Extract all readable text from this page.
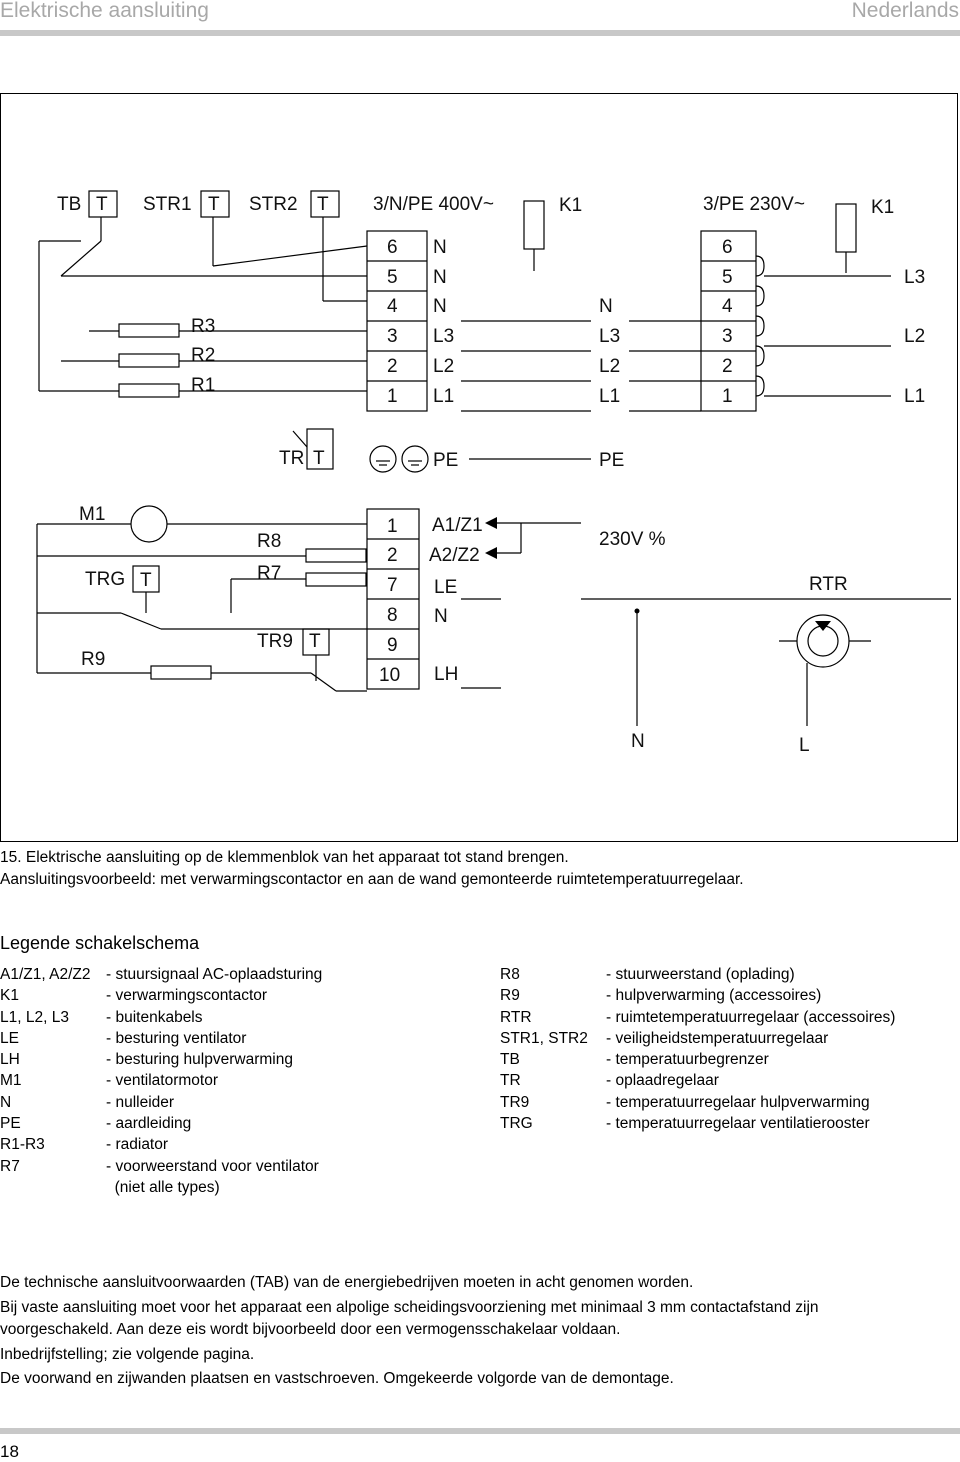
Elektrische aansluiting	Nederlands
TB T STR1 T STR2 T 3/N/PE 400V~	K1	3/PE 230V~	K1
6
5
4
3
2
1
N
N
N
L3
L2
L1
N
L3
L2
L1
6
5
4
3
2
1
L3
L2
L1
R3
R2
R1
TR T	PE	PE
M1
TRG T
R9
R8
R7
TR9 T
1
2
7
8
9
10
A1/Z1
A2/Z2
LE
N
LH
230V %
RTR
N	L
15. Elektrische aansluiting op de klemmenblok van het apparaat tot stand brengen.
Aansluitingsvoorbeeld: met verwarmingscontactor en aan de wand gemonteerde ruimtetemperatuurregelaar.
Legende schakelschema
A1/Z1, A2/Z2	- stuursignaal AC-oplaadsturing
K1	- verwarmingscontactor
L1, L2, L3	- buitenkabels
LE	- besturing ventilator
LH	- besturing hulpverwarming
M1	- ventilatormotor
N	- nulleider
PE	- aardleiding
R1-R3	- radiator
R7	- voorweerstand voor ventilator
(niet alle types)
R8	- stuurweerstand (oplading)
R9	- hulpverwarming (accessoires)
RTR	- ruimtetemperatuurregelaar (accessoires)
STR1, STR2	- veiligheidstemperatuurregelaar
TB	- temperatuurbegrenzer
TR	- oplaadregelaar
TR9	- temperatuurregelaar hulpverwarming
TRG	- temperatuurregelaar ventilatierooster
De technische aansluitvoorwaarden (TAB) van de energiebedrijven moeten in acht genomen worden.
Bij vaste aansluiting moet voor het apparaat een alpolige scheidingsvoorziening met minimaal 3 mm contactafstand zijn
voorgeschakeld. Aan deze eis wordt bijvoorbeeld door een vermogensschakelaar voldaan.
Inbedrijfstelling; zie volgende pagina.
De voorwand en zijwanden plaatsen en vastschroeven. Omgekeerde volgorde van de demontage.
18
